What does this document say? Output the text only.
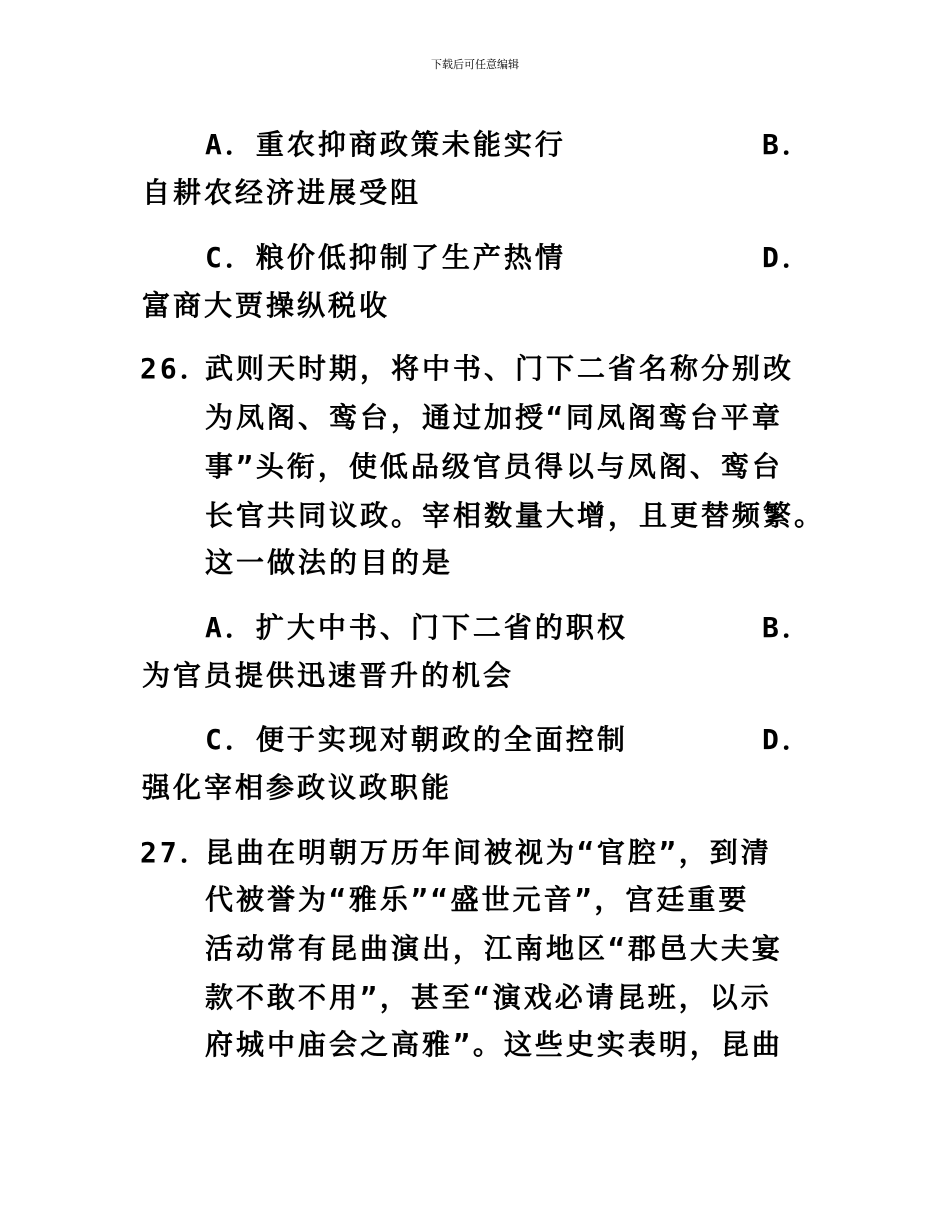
下载后可任意编辑
A．重农抑商政策未能实行	B．
自耕农经济进展受阻
C．粮价低抑制了生产热情	D．
富商大贾操纵税收
26．
武则天时期，将中书、门下二省名称分别改
为凤阁、鸾台，通过加授“同凤阁鸾台平章
事”头衔，使低品级官员得以与凤阁、鸾台
长官共同议政。宰相数量大增，且更替频繁。
这一做法的目的是
A．扩大中书、门下二省的职权	B．
为官员提供迅速晋升的机会
C．便于实现对朝政的全面控制	D．
强化宰相参政议政职能
27．
昆曲在明朝万历年间被视为“官腔”，到清
代被誉为“雅乐”“盛世元音”，宫廷重要
活动常有昆曲演出，江南地区“郡邑大夫宴
款不敢不用”，甚至“演戏必请昆班，以示
府城中庙会之高雅”。这些史实表明，昆曲
